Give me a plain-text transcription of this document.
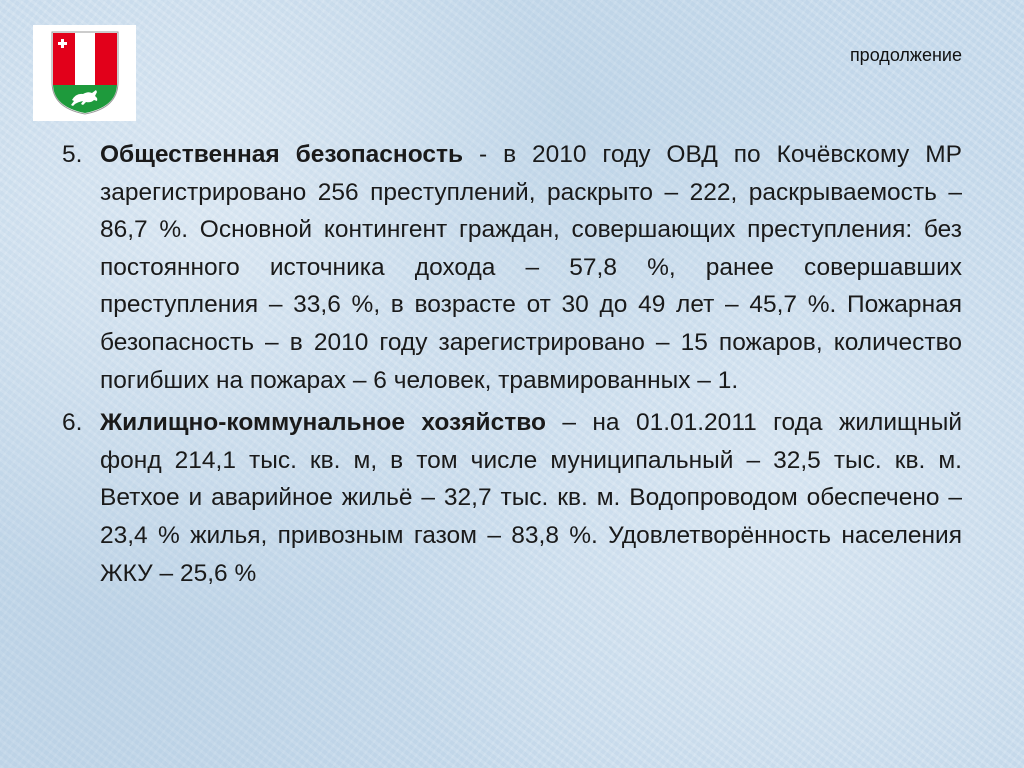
продолжение
5. Общественная безопасность - в 2010 году ОВД по Кочёвскому МР зарегистрировано 256 преступлений, раскрыто – 222, раскрываемость – 86,7 %. Основной контингент граждан, совершающих преступления: без постоянного источника дохода – 57,8 %, ранее совершавших преступления – 33,6 %, в возрасте от 30 до 49 лет – 45,7 %. Пожарная безопасность – в 2010 году зарегистрировано – 15 пожаров, количество погибших на пожарах – 6 человек, травмированных – 1.
6. Жилищно-коммунальное хозяйство – на 01.01.2011 года жилищный фонд 214,1 тыс. кв. м, в том числе муниципальный – 32,5 тыс. кв. м. Ветхое и аварийное жильё – 32,7 тыс. кв. м. Водопроводом обеспечено – 23,4 % жилья, привозным газом – 83,8 %. Удовлетворённость населения ЖКУ – 25,6 %
